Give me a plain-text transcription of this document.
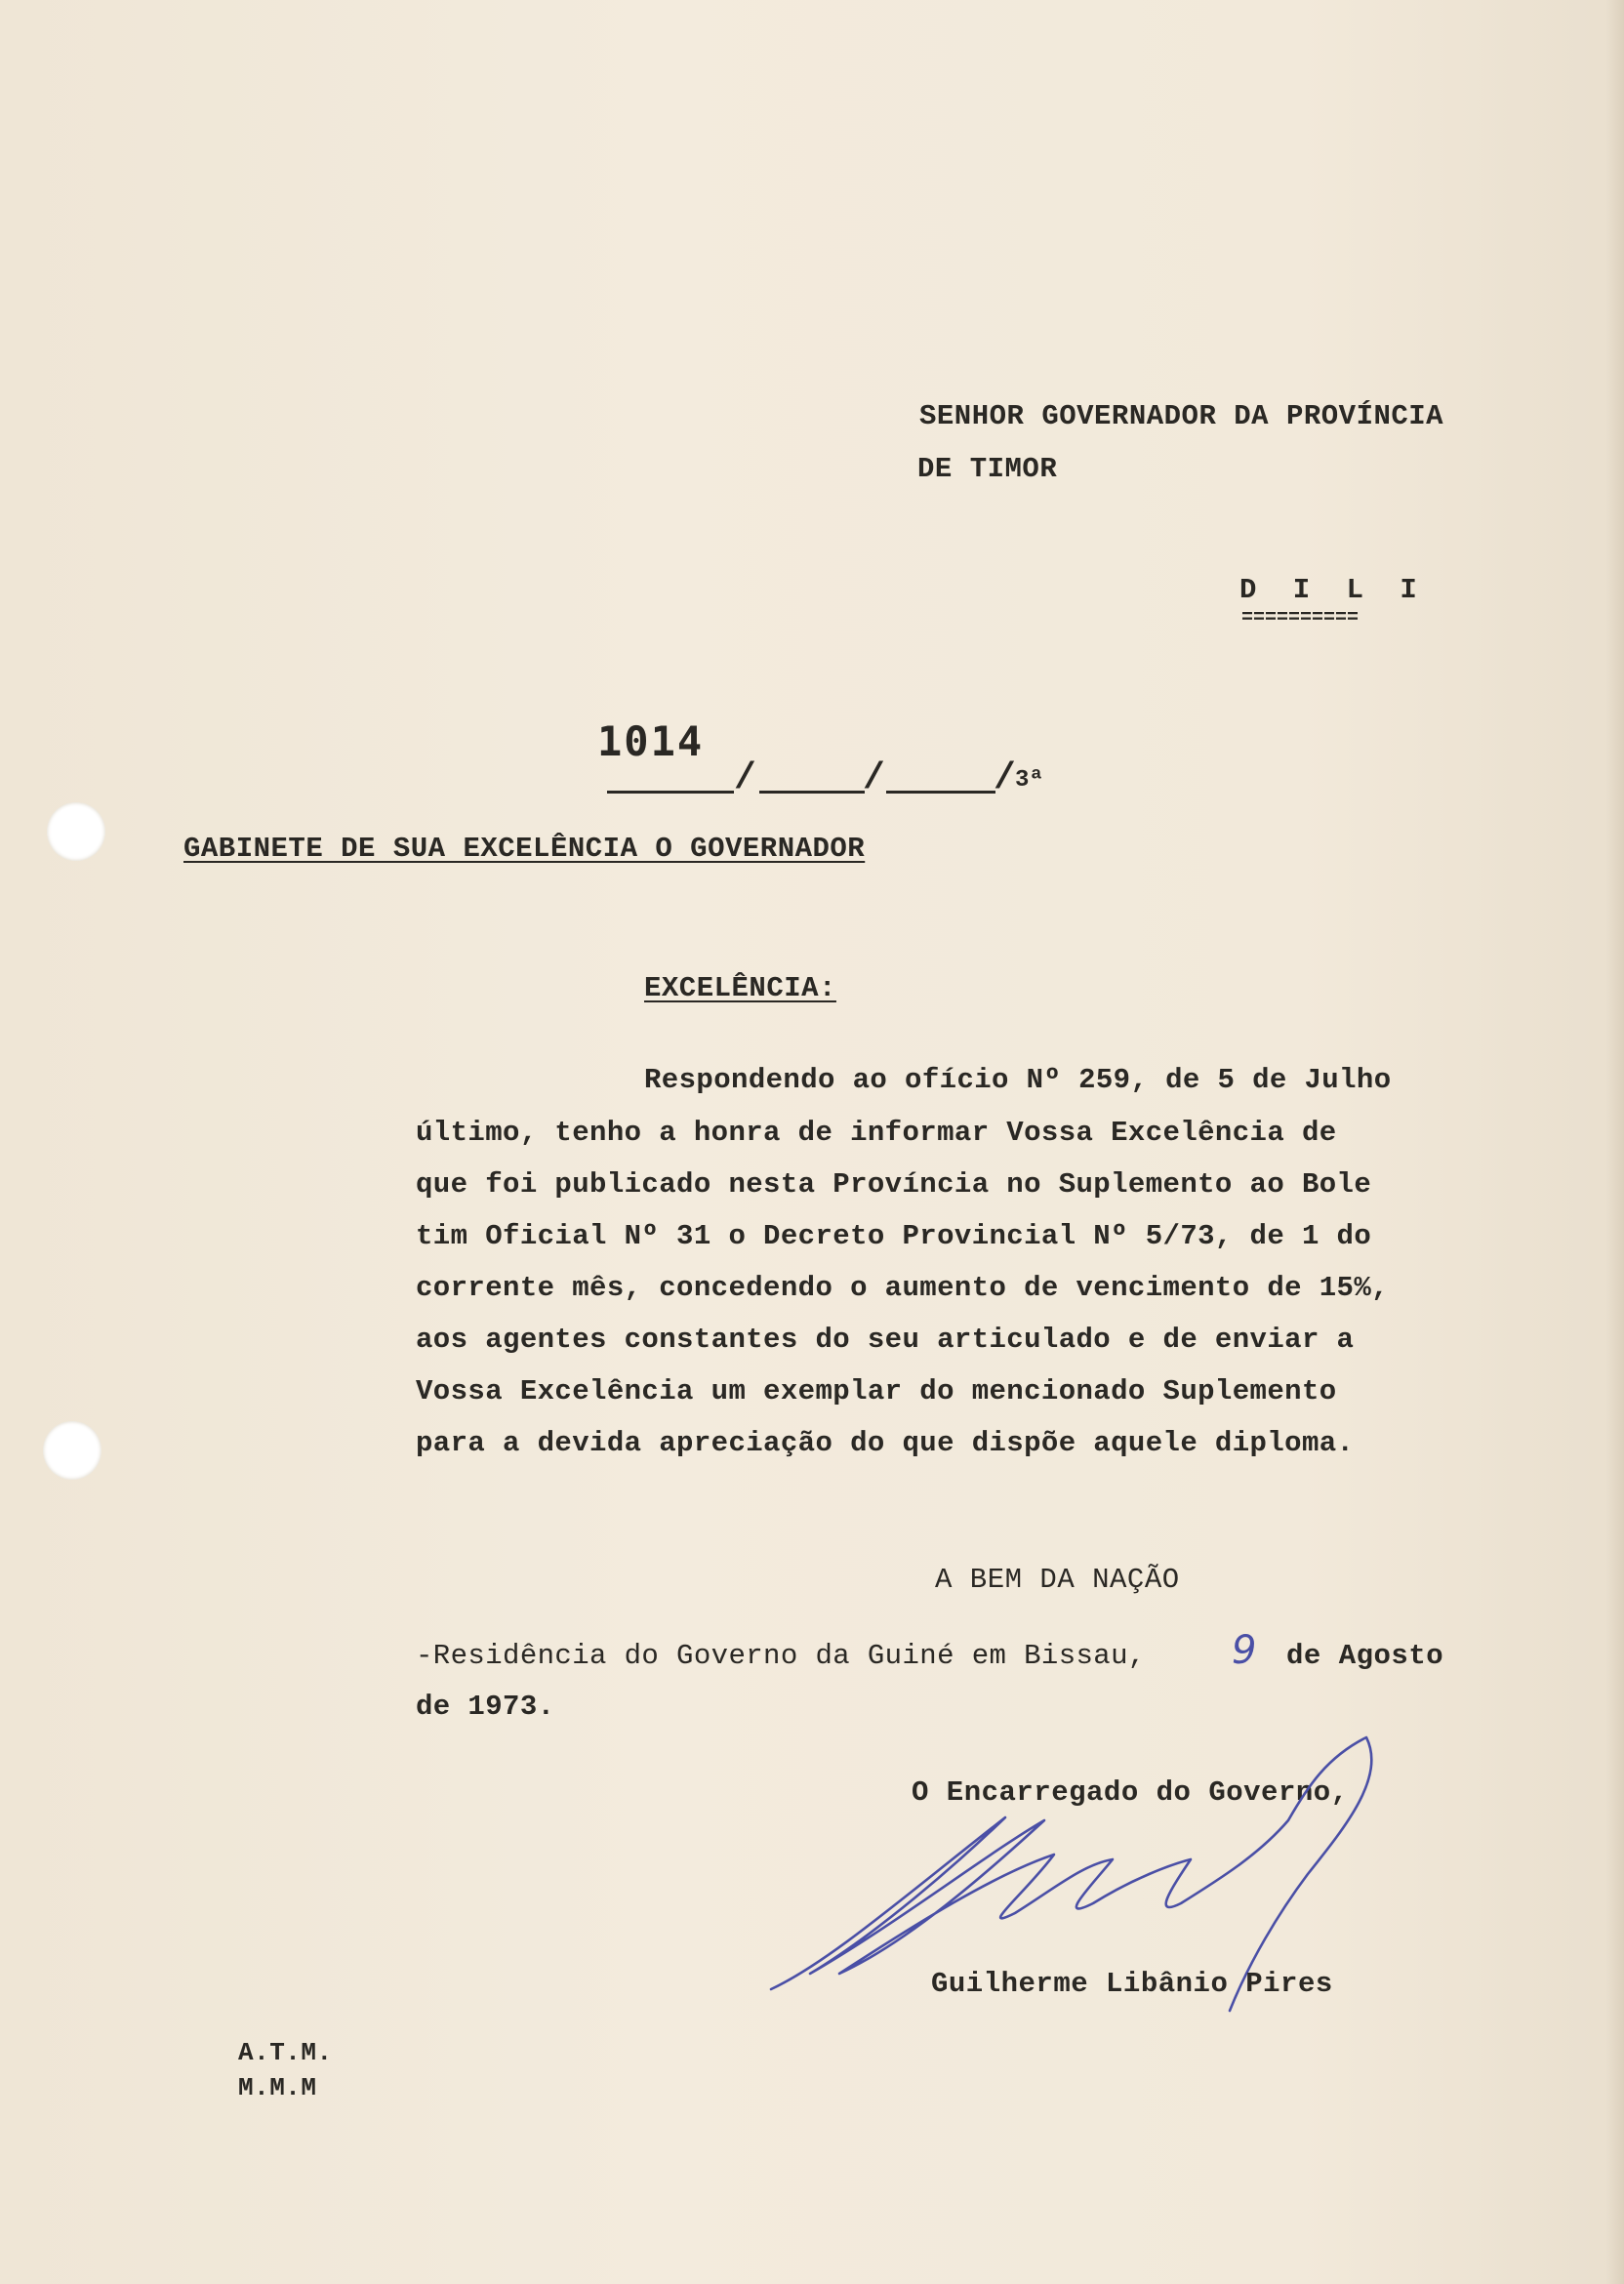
SENHOR GOVERNADOR DA PROVÍNCIA
DE TIMOR
D I L I
==========
1014
/	/	/ 3ª
GABINETE DE SUA EXCELÊNCIA O GOVERNADOR
EXCELÊNCIA:
Respondendo ao ofício Nº 259, de 5 de Julho
último, tenho a honra de informar Vossa Excelência de
que foi publicado nesta Província no Suplemento ao Bole
tim Oficial Nº 31 o Decreto Provincial Nº 5/73, de 1 do
corrente mês, concedendo o aumento de vencimento de 15%,
aos agentes constantes do seu articulado e de enviar a
Vossa Excelência um exemplar do mencionado Suplemento
para a devida apreciação do que dispõe aquele diploma.
A BEM DA NAÇÃO
-Residência do Governo da Guiné em Bissau, 9 de Agosto
de 1973.
O Encarregado do Governo,
Guilherme Libânio Pires
A.T.M.
M.M.M
